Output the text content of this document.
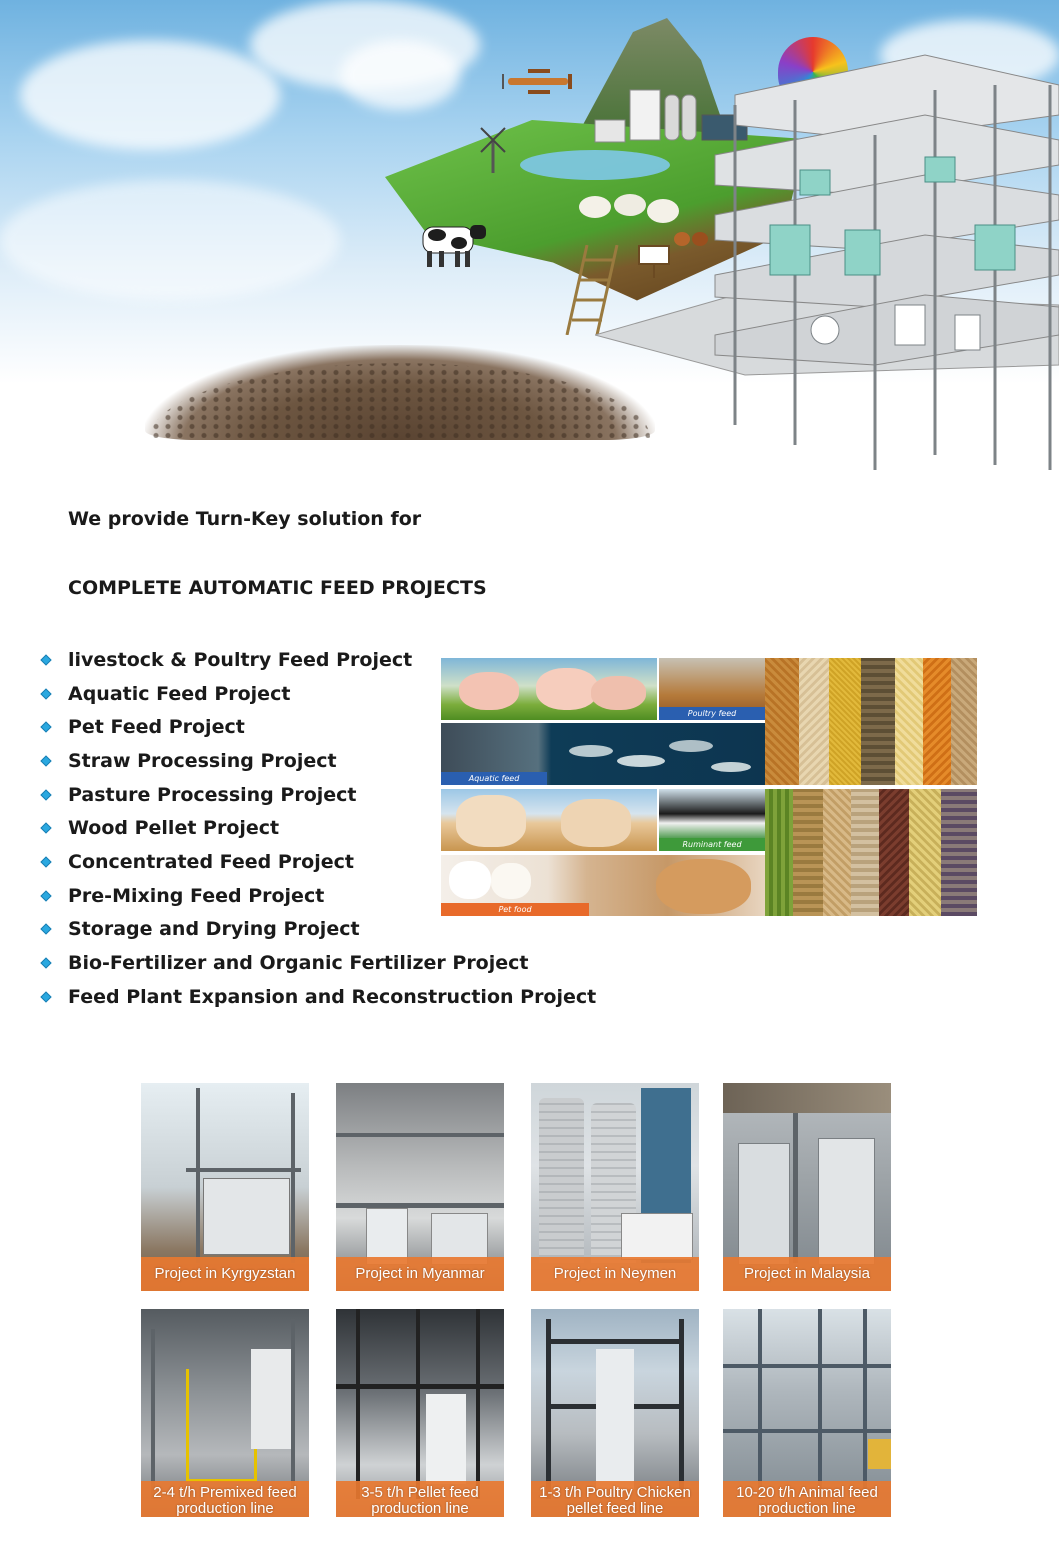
We provide Turn-Key solution for
COMPLETE AUTOMATIC FEED PROJECTS
livestock & Poultry Feed Project
Aquatic Feed Project
Pet Feed Project
Straw Processing Project
Pasture Processing Project
Wood Pellet Project
Concentrated Feed Project
Pre-Mixing Feed Project
Storage and Drying Project
Bio-Fertilizer and Organic Fertilizer Project
Feed Plant Expansion and Reconstruction Project
Poultry feed
Aquatic feed
Ruminant feed
Pet food
Project in Kyrgyzstan	Project in Myanmar	Project in Neymen	Project in Malaysia
2-4 t/h Premixed feed
production line
3-5 t/h Pellet feed
production line
1-3 t/h Poultry Chicken
pellet feed line
10-20 t/h Animal feed
production line
